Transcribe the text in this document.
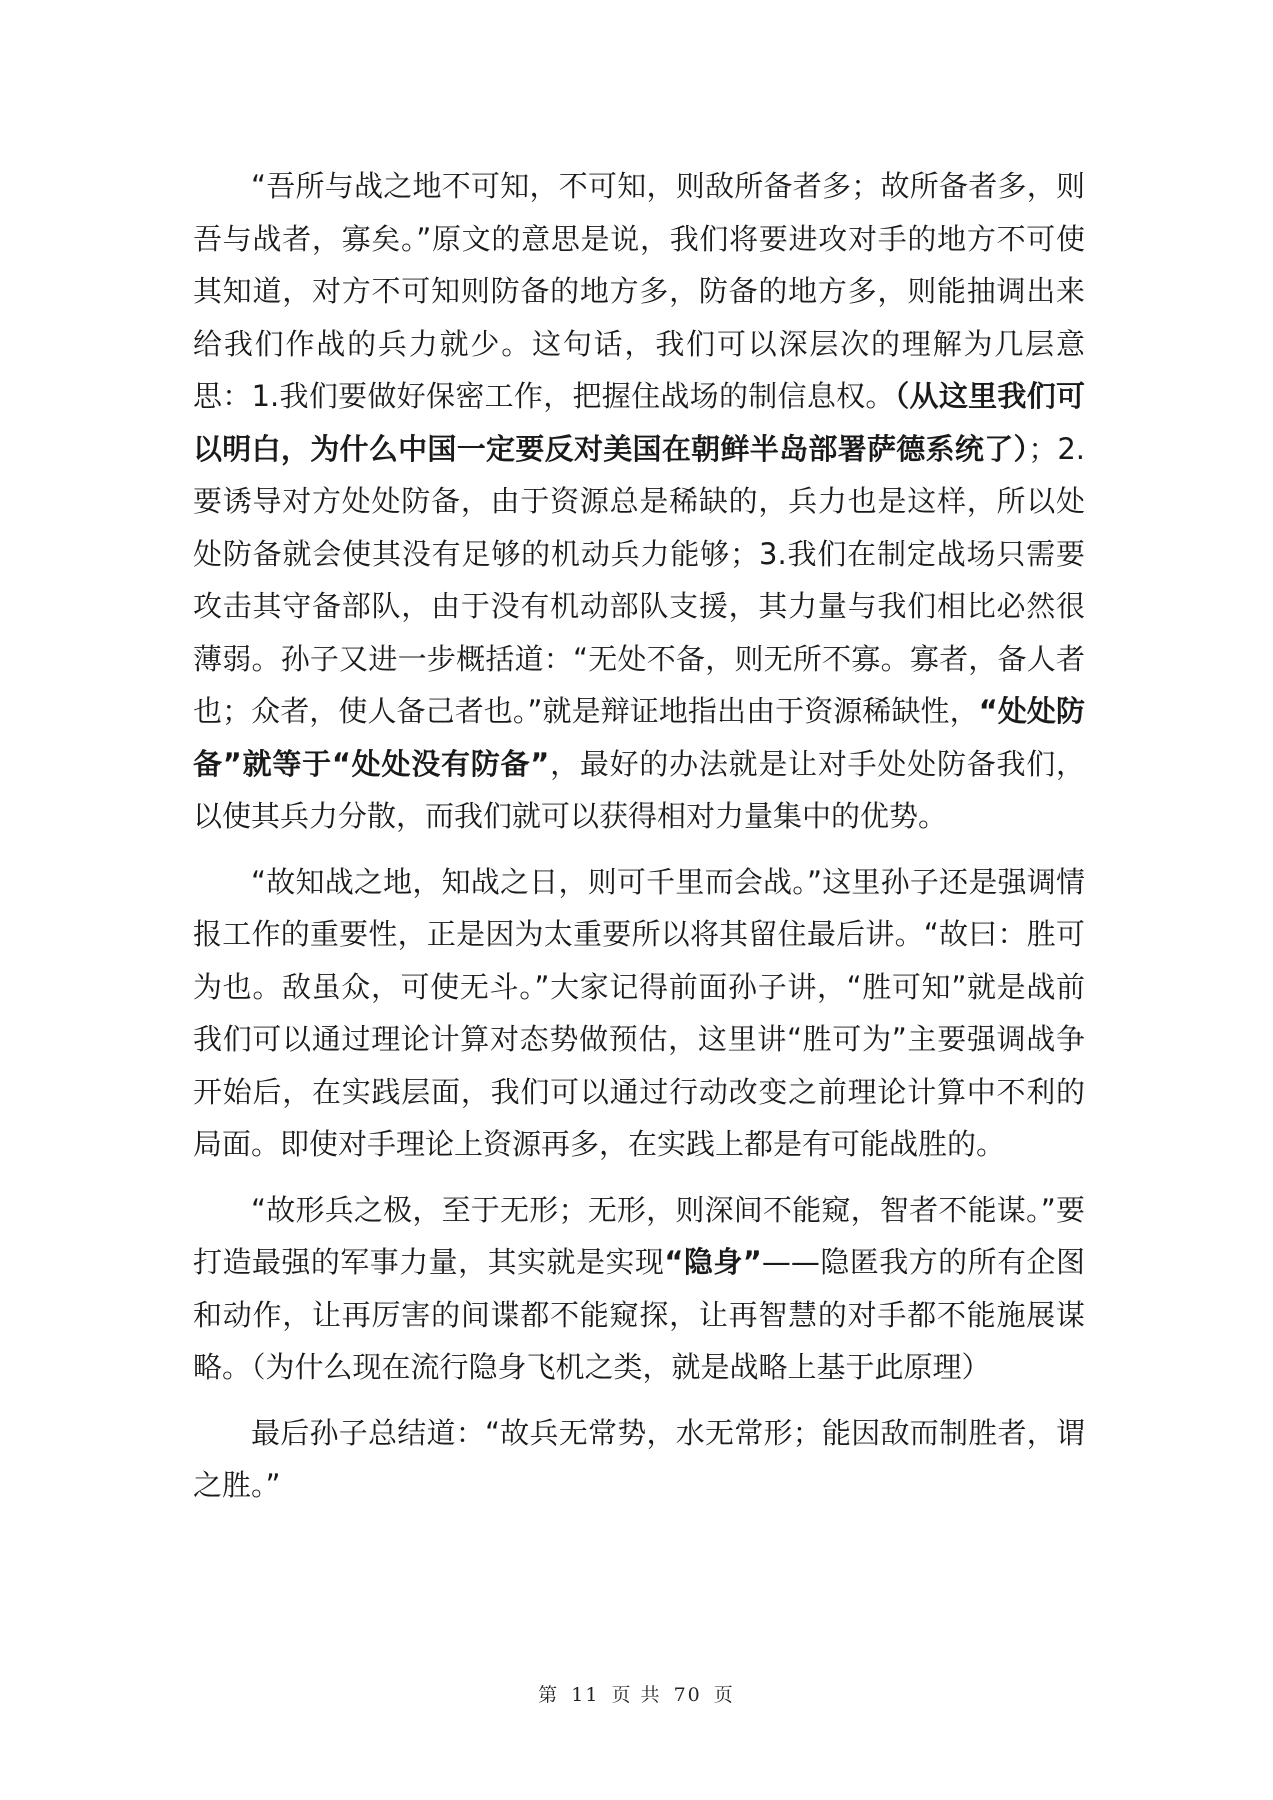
“吾所与战之地不可知，不可知，则敌所备者多；故所备者多，则吾与战者，寡矣。”原文的意思是说，我们将要进攻对手的地方不可使其知道，对方不可知则防备的地方多，防备的地方多，则能抽调出来给我们作战的兵力就少。这句话，我们可以深层次的理解为几层意思：1.我们要做好保密工作，把握住战场的制信息权。（从这里我们可以明白，为什么中国一定要反对美国在朝鲜半岛部署萨德系统了）；2.要诱导对方处处防备，由于资源总是稀缺的，兵力也是这样，所以处处防备就会使其没有足够的机动兵力能够；3.我们在制定战场只需要攻击其守备部队，由于没有机动部队支援，其力量与我们相比必然很薄弱。孙子又进一步概括道：“无处不备，则无所不寡。寡者，备人者也；众者，使人备己者也。”就是辩证地指出由于资源稀缺性，“处处防备”就等于“处处没有防备”，最好的办法就是让对手处处防备我们，以使其兵力分散，而我们就可以获得相对力量集中的优势。

“故知战之地，知战之日，则可千里而会战。”这里孙子还是强调情报工作的重要性，正是因为太重要所以将其留住最后讲。“故曰：胜可为也。敌虽众，可使无斗。”大家记得前面孙子讲，“胜可知”就是战前我们可以通过理论计算对态势做预估，这里讲“胜可为”主要强调战争开始后，在实践层面，我们可以通过行动改变之前理论计算中不利的局面。即使对手理论上资源再多，在实践上都是有可能战胜的。

“故形兵之极，至于无形；无形，则深间不能窥，智者不能谋。”要打造最强的军事力量，其实就是实现“隐身”——隐匿我方的所有企图和动作，让再厉害的间谍都不能窥探，让再智慧的对手都不能施展谋略。（为什么现在流行隐身飞机之类，就是战略上基于此原理）

最后孙子总结道：“故兵无常势，水无常形；能因敌而制胜者，谓之胜。”

第 11 页 共 70 页
